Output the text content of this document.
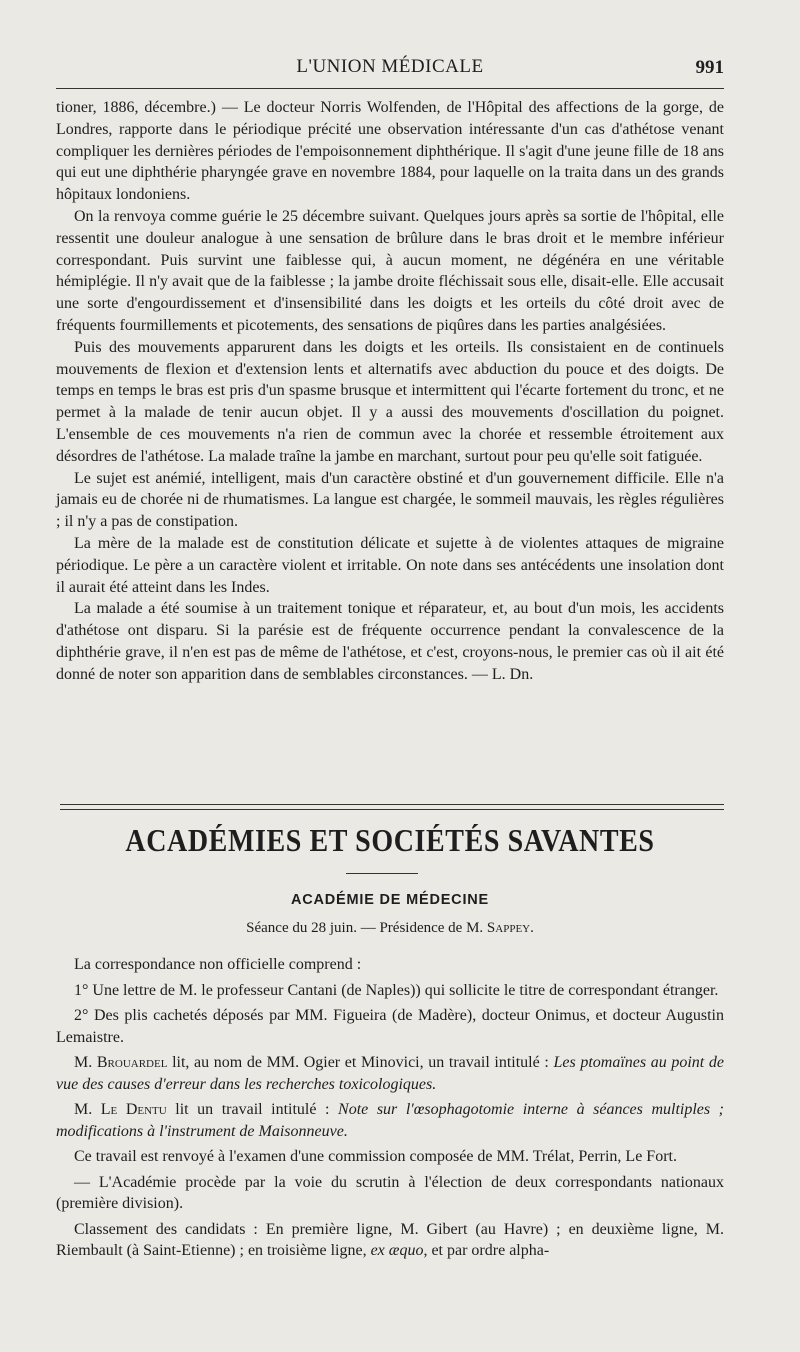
L'UNION MÉDICALE	991

tioner, 1886, décembre.) — Le docteur Norris Wolfenden, de l'Hôpital des affections de la gorge, de Londres, rapporte dans le périodique précité une observation intéressante d'un cas d'athétose venant compliquer les dernières périodes de l'empoisonnement diphthérique. Il s'agit d'une jeune fille de 18 ans qui eut une diphthérie pharyngée grave en novembre 1884, pour laquelle on la traita dans un des grands hôpitaux londoniens.

On la renvoya comme guérie le 25 décembre suivant. Quelques jours après sa sortie de l'hôpital, elle ressentit une douleur analogue à une sensation de brûlure dans le bras droit et le membre inférieur correspondant. Puis survint une faiblesse qui, à aucun moment, ne dégénéra en une véritable hémiplégie. Il n'y avait que de la faiblesse ; la jambe droite fléchissait sous elle, disait-elle. Elle accusait une sorte d'engourdissement et d'insensibilité dans les doigts et les orteils du côté droit avec de fréquents fourmillements et picotements, des sensations de piqûres dans les parties analgésiées.

Puis des mouvements apparurent dans les doigts et les orteils. Ils consistaient en de continuels mouvements de flexion et d'extension lents et alternatifs avec abduction du pouce et des doigts. De temps en temps le bras est pris d'un spasme brusque et intermittent qui l'écarte fortement du tronc, et ne permet à la malade de tenir aucun objet. Il y a aussi des mouvements d'oscillation du poignet. L'ensemble de ces mouvements n'a rien de commun avec la chorée et ressemble étroitement aux désordres de l'athétose. La malade traîne la jambe en marchant, surtout pour peu qu'elle soit fatiguée.

Le sujet est anémié, intelligent, mais d'un caractère obstiné et d'un gouvernement difficile. Elle n'a jamais eu de chorée ni de rhumatismes. La langue est chargée, le sommeil mauvais, les règles régulières ; il n'y a pas de constipation.

La mère de la malade est de constitution délicate et sujette à de violentes attaques de migraine périodique. Le père a un caractère violent et irritable. On note dans ses antécédents une insolation dont il aurait été atteint dans les Indes.

La malade a été soumise à un traitement tonique et réparateur, et, au bout d'un mois, les accidents d'athétose ont disparu. Si la parésie est de fréquente occurrence pendant la convalescence de la diphthérie grave, il n'en est pas de même de l'athétose, et c'est, croyons-nous, le premier cas où il ait été donné de noter son apparition dans de semblables circonstances. — L. Dn.

ACADÉMIES ET SOCIÉTÉS SAVANTES
ACADÉMIE DE MÉDECINE
Séance du 28 juin. — Présidence de M. Sappey.

La correspondance non officielle comprend :

1° Une lettre de M. le professeur Cantani (de Naples)) qui sollicite le titre de correspondant étranger.

2° Des plis cachetés déposés par MM. Figueira (de Madère), docteur Onimus, et docteur Augustin Lemaistre.

M. Brouardel lit, au nom de MM. Ogier et Minovici, un travail intitulé : Les ptomaïnes au point de vue des causes d'erreur dans les recherches toxicologiques.

M. Le Dentu lit un travail intitulé : Note sur l'œsophagotomie interne à séances multiples ; modifications à l'instrument de Maisonneuve.

Ce travail est renvoyé à l'examen d'une commission composée de MM. Trélat, Perrin, Le Fort.

— L'Académie procède par la voie du scrutin à l'élection de deux correspondants nationaux (première division).

Classement des candidats : En première ligne, M. Gibert (au Havre) ; en deuxième ligne, M. Riembault (à Saint-Etienne) ; en troisième ligne, ex æquo, et par ordre alpha-
